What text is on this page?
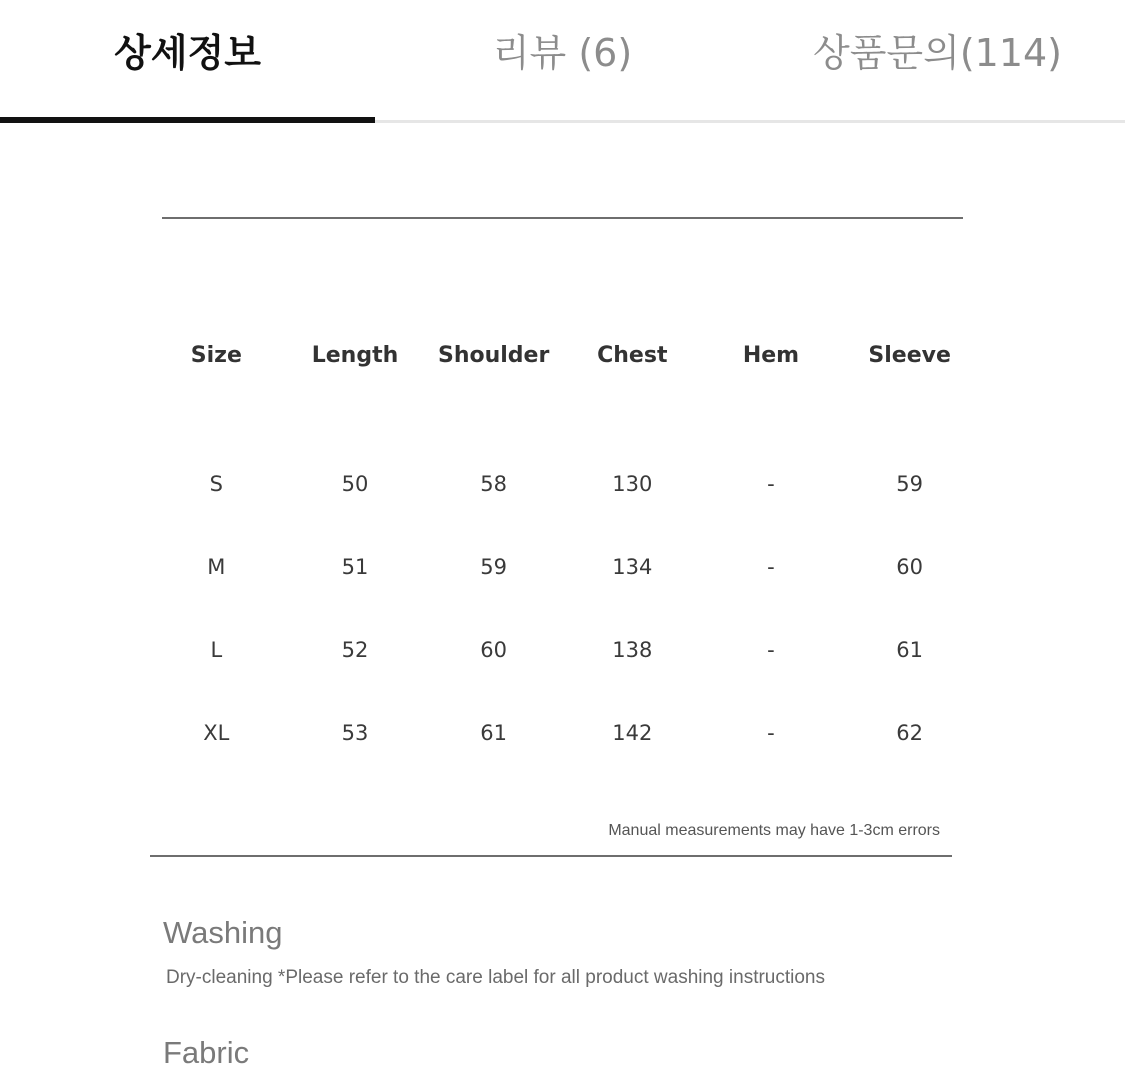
상세정보	리뷰 (6)	상품문의(114)
Size	Length	Shoulder	Chest	Hem	Sleeve

S	50	58	130	-	59
M	51	59	134	-	60
L	52	60	138	-	61
XL	53	61	142	-	62
Manual measurements may have 1-3cm errors
Washing
Dry-cleaning *Please refer to the care label for all product washing instructions
Fabric
